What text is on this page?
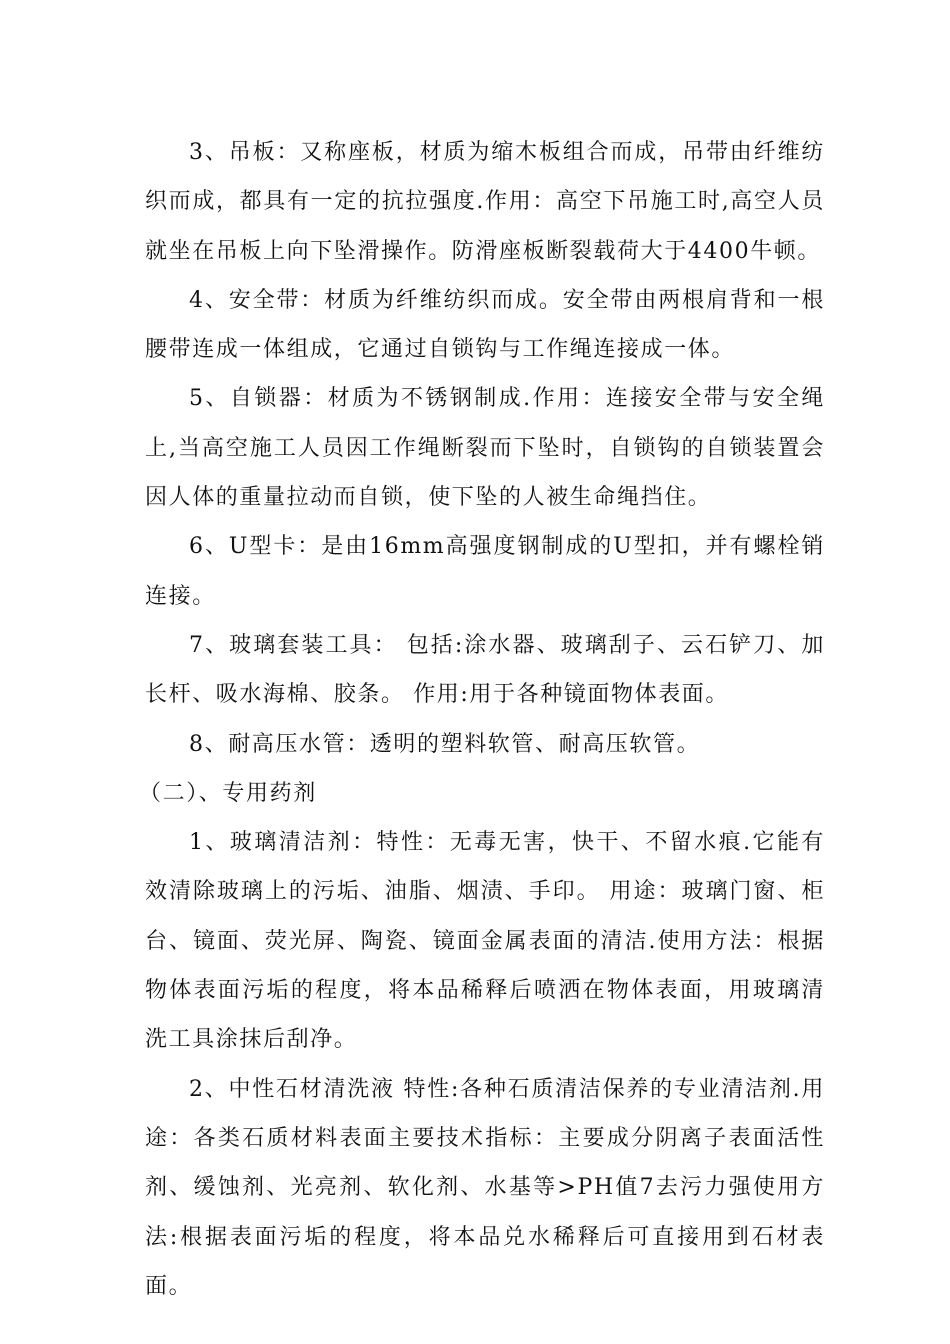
3、吊板：又称座板，材质为缩木板组合而成，吊带由纤维纺织而成，都具有一定的抗拉强度.作用：高空下吊施工时,高空人员就坐在吊板上向下坠滑操作。防滑座板断裂载荷大于4400牛顿。

4、安全带：材质为纤维纺织而成。安全带由两根肩背和一根腰带连成一体组成，它通过自锁钩与工作绳连接成一体。

5、自锁器：材质为不锈钢制成.作用：连接安全带与安全绳上,当高空施工人员因工作绳断裂而下坠时，自锁钩的自锁装置会因人体的重量拉动而自锁，使下坠的人被生命绳挡住。

6、U型卡：是由16mm高强度钢制成的U型扣，并有螺栓销连接。

7、玻璃套装工具： 包括:涂水器、玻璃刮子、云石铲刀、加长杆、吸水海棉、胶条。 作用:用于各种镜面物体表面。

8、耐高压水管：透明的塑料软管、耐高压软管。

（二）、专用药剂

1、玻璃清洁剂：特性：无毒无害，快干、不留水痕.它能有效清除玻璃上的污垢、油脂、烟渍、手印。 用途：玻璃门窗、柜台、镜面、荧光屏、陶瓷、镜面金属表面的清洁.使用方法：根据物体表面污垢的程度，将本品稀释后喷洒在物体表面，用玻璃清洗工具涂抹后刮净。

2、中性石材清洗液 特性:各种石质清洁保养的专业清洁剂.用途：各类石质材料表面主要技术指标：主要成分阴离子表面活性剂、缓蚀剂、光亮剂、软化剂、水基等>PH值7去污力强使用方法:根据表面污垢的程度，将本品兑水稀释后可直接用到石材表面。
